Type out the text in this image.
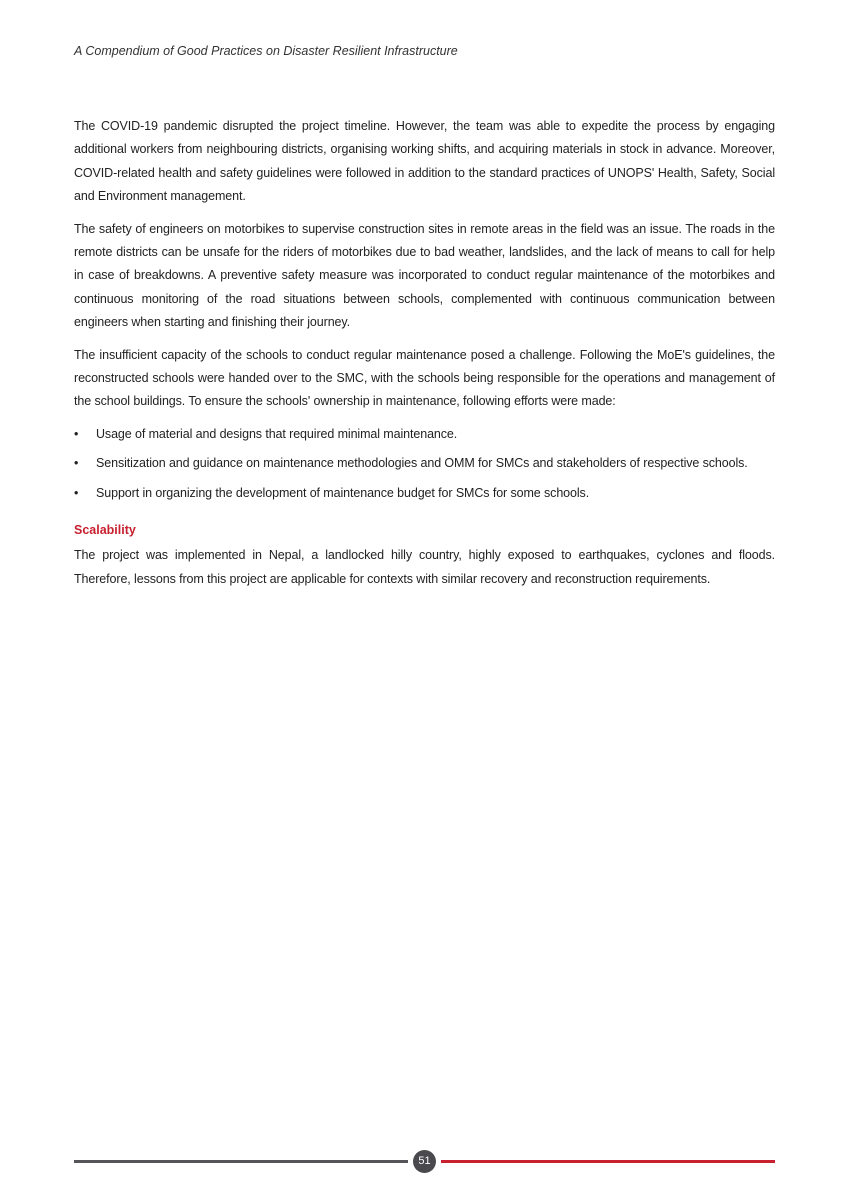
A Compendium of Good Practices on Disaster Resilient Infrastructure

The COVID-19 pandemic disrupted the project timeline. However, the team was able to expedite the process by engaging additional workers from neighbouring districts, organising working shifts, and acquiring materials in stock in advance. Moreover, COVID-related health and safety guidelines were followed in addition to the standard practices of UNOPS' Health, Safety, Social and Environment management.

The safety of engineers on motorbikes to supervise construction sites in remote areas in the field was an issue. The roads in the remote districts can be unsafe for the riders of motorbikes due to bad weather, landslides, and the lack of means to call for help in case of breakdowns. A preventive safety measure was incorporated to conduct regular maintenance of the motorbikes and continuous monitoring of the road situations between schools, complemented with continuous communication between engineers when starting and finishing their journey.

The insufficient capacity of the schools to conduct regular maintenance posed a challenge. Following the MoE's guidelines, the reconstructed schools were handed over to the SMC, with the schools being responsible for the operations and management of the school buildings. To ensure the schools' ownership in maintenance, following efforts were made:

• Usage of material and designs that required minimal maintenance.
• Sensitization and guidance on maintenance methodologies and OMM for SMCs and stakeholders of respective schools.
• Support in organizing the development of maintenance budget for SMCs for some schools.
Scalability

The project was implemented in Nepal, a landlocked hilly country, highly exposed to earthquakes, cyclones and floods. Therefore, lessons from this project are applicable for contexts with similar recovery and reconstruction requirements.

51
